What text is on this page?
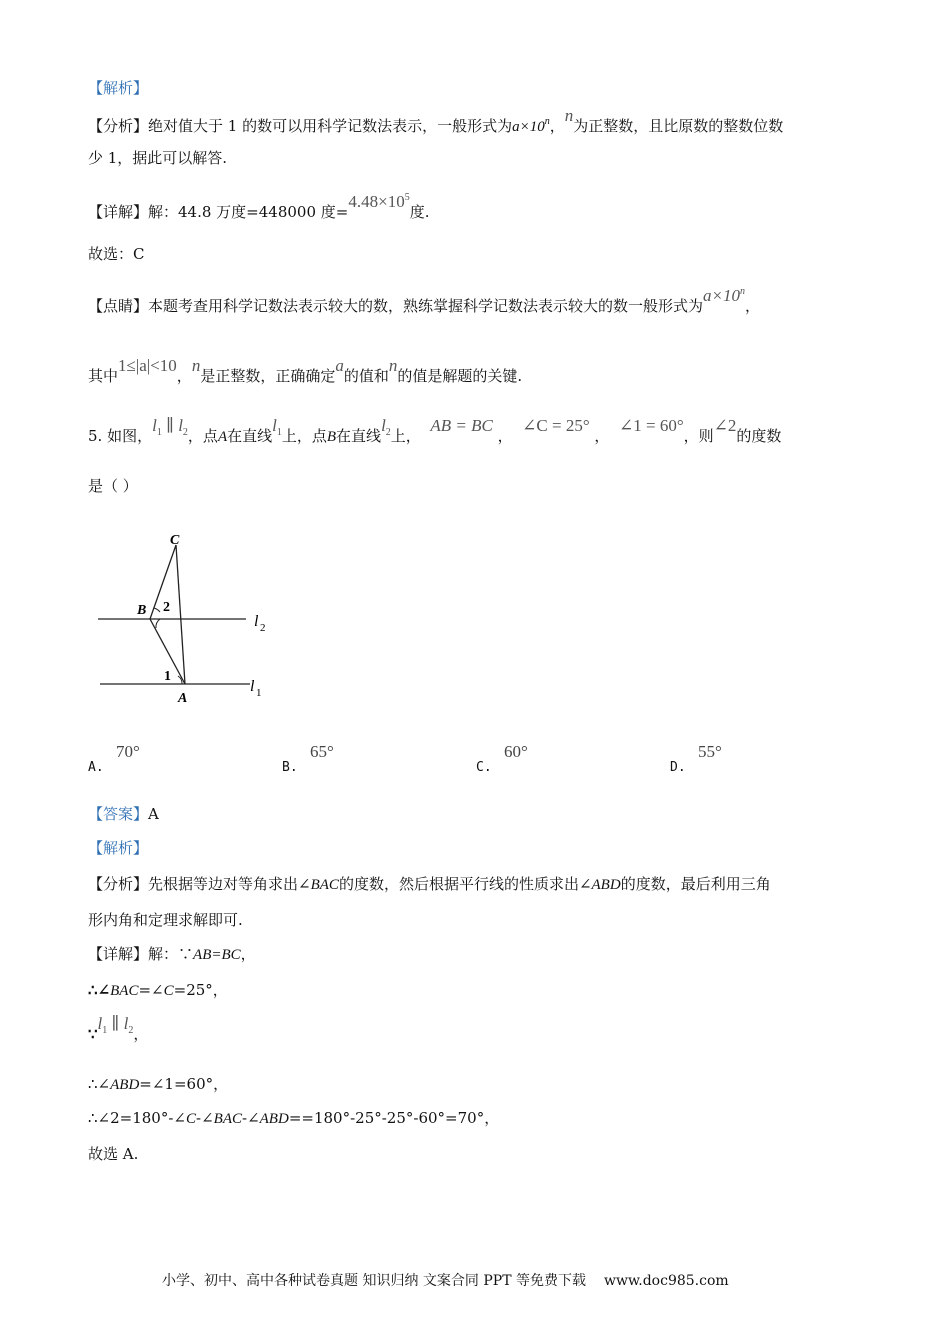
【解析】
【分析】绝对值大于 1 的数可以用科学记数法表示，一般形式为$a\times 10^n$，n为正整数，且比原数的整数位数
少 1，据此可以解答.
【详解】解：44.8 万度=448000 度$=4.48\times 10^5$度.
故选：C
【点睛】本题考查用科学记数法表示较大的数，熟练掌握科学记数法表示较大的数一般形式为$a\times 10^n$，
其中1≤|a|<10，n是正整数，正确确定a的值和n的值是解题的关键.
5. 如图，$l^1$ ∥ $l^2$，点A在直线$l^1$上，点B在直线$l^2$上，  AB = BC ，  ∠C = 25° ，  ∠1 = 60°，则∠2的度数
是（ ）
C
B 2
1
A
l 2
l 1
A.
70°
B.
65°
C.
60°
D.
55°
【答案】A
【解析】
【分析】先根据等边对等角求出∠BAC的度数，然后根据平行线的性质求出∠ABD的度数，最后利用三角
形内角和定理求解即可.
【详解】解：∵AB=BC，
∴∠BAC=∠C=25°，
$\because l^1$ ∥ $l^2$，
∴∠ABD=∠1=60°，
∴∠2=180°-∠C-∠BAC-∠ABD==180°-25°-25°-60°=70°，
故选 A.
小学、初中、高中各种试卷真题 知识归纳 文案合同 PPT 等免费下载 www.doc985.com
